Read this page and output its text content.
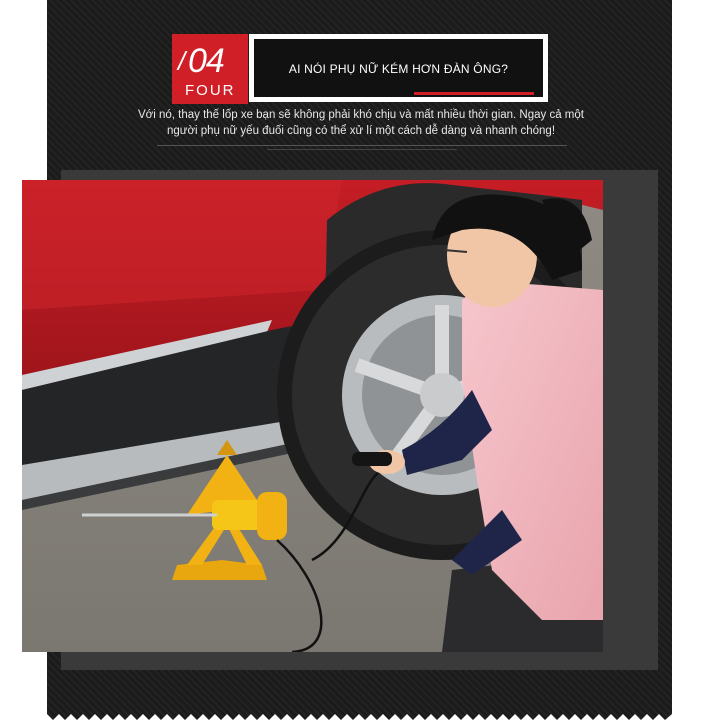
/ 04
FOUR
AI NÓI PHỤ NỮ KÉM HƠN ĐÀN ÔNG?
Với nó, thay thế lốp xe bạn sẽ không phải khó chịu và mất nhiều thời gian. Ngay cả một người phụ nữ yếu đuối cũng có thể xử lí một cách dễ dàng và nhanh chóng!
